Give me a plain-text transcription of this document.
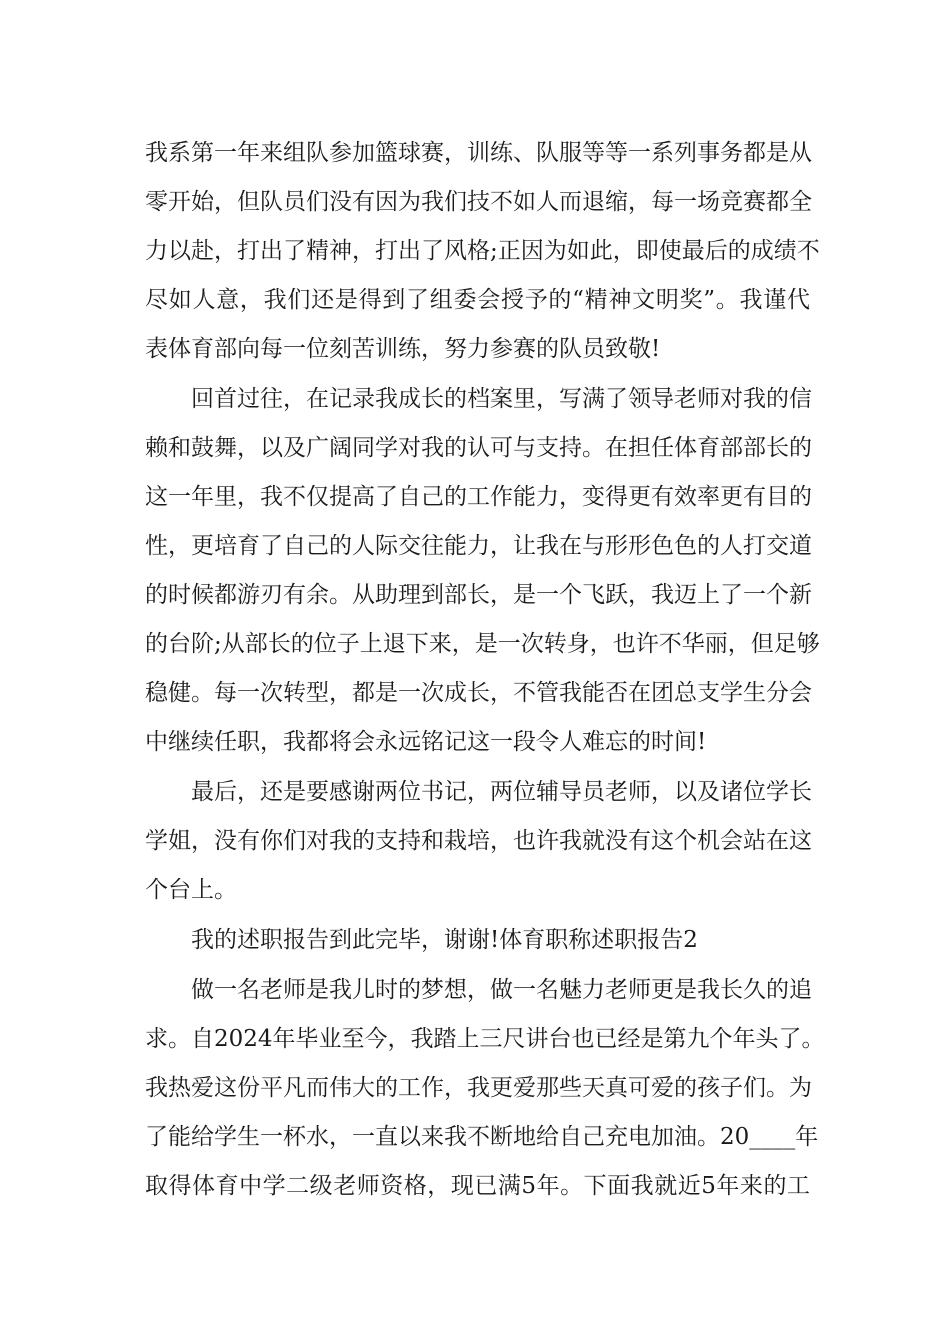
我系第一年来组队参加篮球赛，训练、队服等等一系列事务都是从
零开始，但队员们没有因为我们技不如人而退缩，每一场竞赛都全
力以赴，打出了精神，打出了风格;正因为如此，即使最后的成绩不
尽如人意，我们还是得到了组委会授予的“精神文明奖”。我谨代
表体育部向每一位刻苦训练，努力参赛的队员致敬!
回首过往，在记录我成长的档案里，写满了领导老师对我的信
赖和鼓舞，以及广阔同学对我的认可与支持。在担任体育部部长的
这一年里，我不仅提高了自己的工作能力，变得更有效率更有目的
性，更培育了自己的人际交往能力，让我在与形形色色的人打交道
的时候都游刃有余。从助理到部长，是一个飞跃，我迈上了一个新
的台阶;从部长的位子上退下来，是一次转身，也许不华丽，但足够
稳健。每一次转型，都是一次成长，不管我能否在团总支学生分会
中继续任职，我都将会永远铭记这一段令人难忘的时间!
最后，还是要感谢两位书记，两位辅导员老师，以及诸位学长
学姐，没有你们对我的支持和栽培，也许我就没有这个机会站在这
个台上。
我的述职报告到此完毕，谢谢!体育职称述职报告2
做一名老师是我儿时的梦想，做一名魅力老师更是我长久的追
求。自2024年毕业至今，我踏上三尺讲台也已经是第九个年头了。
我热爱这份平凡而伟大的工作，我更爱那些天真可爱的孩子们。为
了能给学生一杯水，一直以来我不断地给自己充电加油。20____年
取得体育中学二级老师资格，现已满5年。下面我就近5年来的工
